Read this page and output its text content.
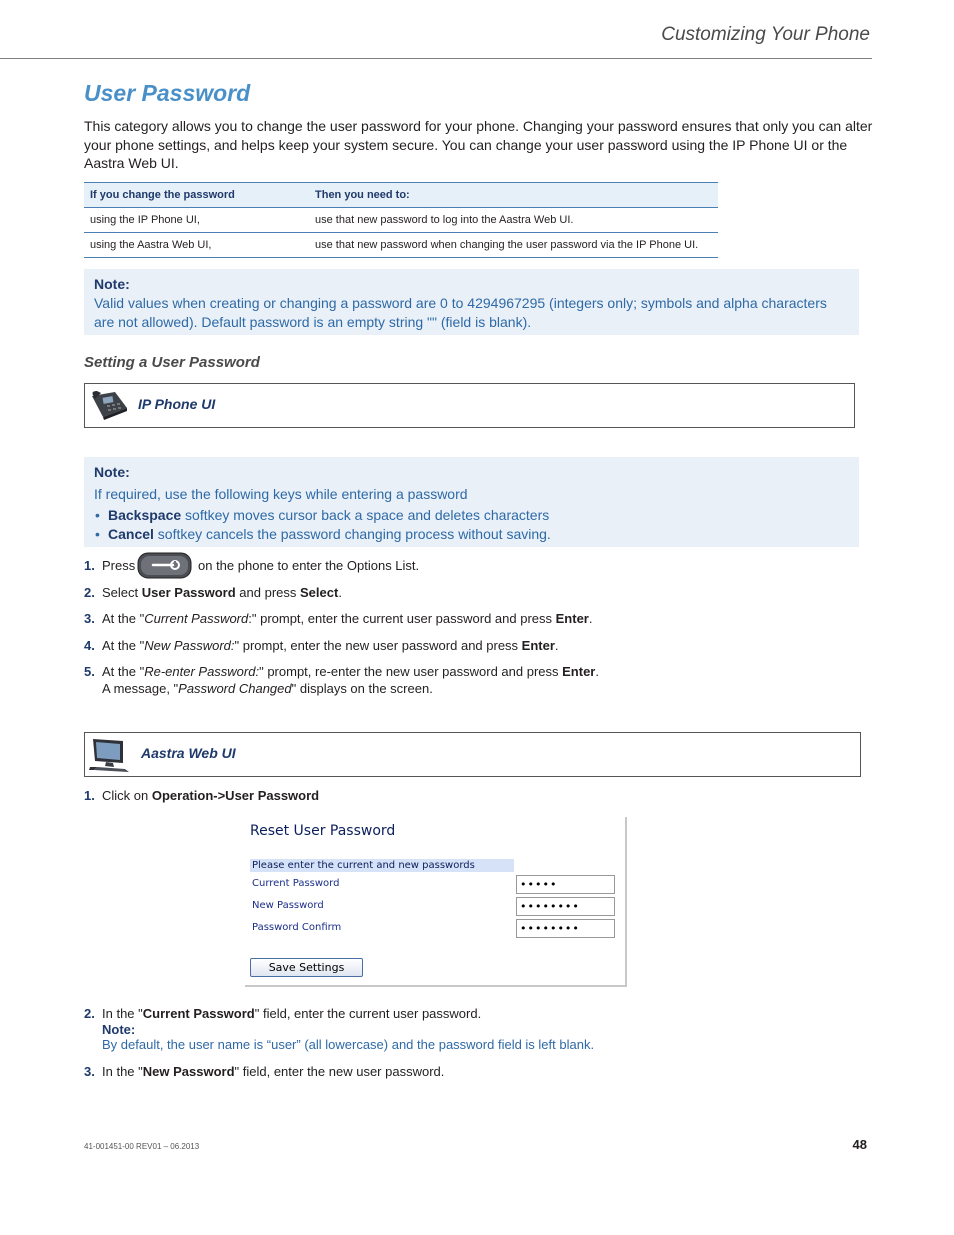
Customizing Your Phone
User Password
This category allows you to change the user password for your phone. Changing your password ensures that only you can alter your phone settings, and helps keep your system secure. You can change your user password using the IP Phone UI or the Aastra Web UI.
If you change the password	Then you need to:
using the IP Phone UI,	use that new password to log into the Aastra Web UI.
using the Aastra Web UI,	use that new password when changing the user password via the IP Phone UI.
Note:
Valid values when creating or changing a password are 0 to 4294967295 (integers only; symbols and alpha characters are not allowed). Default password is an empty string "" (field is blank).
Setting a User Password
IP Phone UI
Note:
If required, use the following keys while entering a password
• Backspace softkey moves cursor back a space and deletes characters
• Cancel softkey cancels the password changing process without saving.
1. Press	on the phone to enter the Options List.
2. Select User Password and press Select.
3. At the "Current Password:" prompt, enter the current user password and press Enter.
4. At the "New Password:" prompt, enter the new user password and press Enter.
5. At the "Re-enter Password:" prompt, re-enter the new user password and press Enter.
A message, "Password Changed" displays on the screen.
Aastra Web UI
1. Click on Operation->User Password
Reset User Password
Please enter the current and new passwords
Current Password	•••••
New Password	••••••••
Password Confirm	••••••••
Save Settings
2. In the "Current Password" field, enter the current user password.
Note:
By default, the user name is “user” (all lowercase) and the password field is left blank.
3. In the "New Password" field, enter the new user password.
41-001451-00 REV01 – 06.2013	48
